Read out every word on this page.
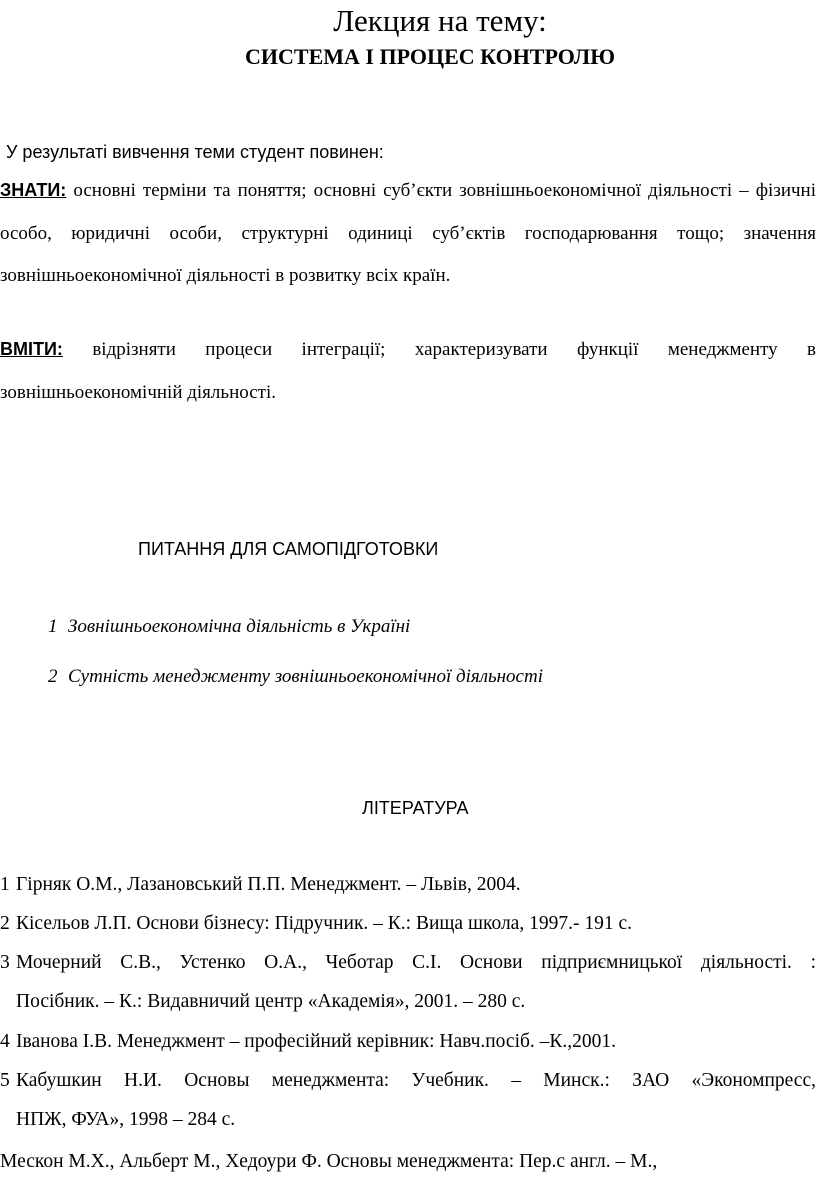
Лекция на тему:
СИСТЕМА І ПРОЦЕС КОНТРОЛЮ
У результаті вивчення теми студент повинен:

ЗНАТИ: основні терміни та поняття; основні суб’єкти зовнішньоекономічної діяльності – фізичні особо, юридичні особи, структурні одиниці суб’єктів господарювання тощо; значення зовнішньоекономічної діяльності в розвитку всіх країн.

ВМІТИ: відрізняти процеси інтеграції; характеризувати функції менеджменту в зовнішньоекономічній діяльності.

ПИТАННЯ ДЛЯ САМОПІДГОТОВКИ
1 Зовнішньоекономічна діяльність в Україні
2 Сутність менеджменту зовнішньоекономічної діяльності
ЛІТЕРАТУРА
1 Гірняк О.М., Лазановський П.П. Менеджмент. – Львів, 2004.
2 Кісельов Л.П. Основи бізнесу: Підручник. – К.: Вища школа, 1997.- 191 с.
3 Мочерний С.В., Устенко О.А., Чеботар С.І. Основи підприємницької діяльності. :
Посібник. – К.: Видавничий центр «Академія», 2001. – 280 с.
4 Іванова І.В. Менеджмент – професійний керівник: Навч.посіб. –К.,2001.
5 Кабушкин Н.И. Основы менеджмента: Учебник. – Минск.: ЗАО «Экономпресс,
НПЖ, ФУА», 1998 – 284 с.
Мескон М.Х., Альберт М., Хедоури Ф. Основы менеджмента: Пер.с англ. – М.,
